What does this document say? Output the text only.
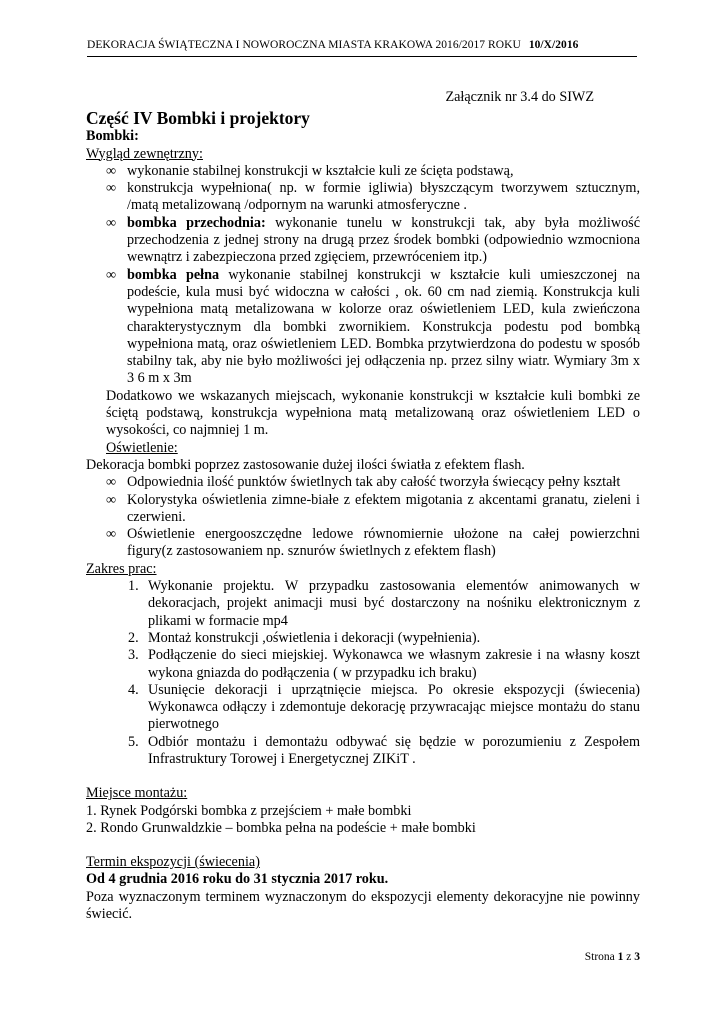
DEKORACJA ŚWIĄTECZNA I NOWOROCZNA MIASTA KRAKOWA 2016/2017 ROKU 10/X/2016
Załącznik nr 3.4 do SIWZ
Część IV Bombki i projektory
Bombki:
Wygląd zewnętrzny:
∞ wykonanie stabilnej konstrukcji w kształcie kuli ze ścięta podstawą,
∞ konstrukcja wypełniona( np. w formie igliwia) błyszczącym tworzywem sztucznym, /matą metalizowaną /odpornym na warunki atmosferyczne .
∞ bombka przechodnia: wykonanie tunelu w konstrukcji tak, aby była możliwość przechodzenia z jednej strony na drugą przez środek bombki (odpowiednio wzmocniona wewnątrz i zabezpieczona przed zgięciem, przewróceniem itp.)
∞ bombka pełna wykonanie stabilnej konstrukcji w kształcie kuli umieszczonej na podeście, kula musi być widoczna w całości , ok. 60 cm nad ziemią. Konstrukcja kuli wypełniona matą metalizowana w kolorze oraz oświetleniem LED, kula zwieńczona charakterystycznym dla bombki zwornikiem. Konstrukcja podestu pod bombką wypełniona matą, oraz oświetleniem LED. Bombka przytwierdzona do podestu w sposób stabilny tak, aby nie było możliwości jej odłączenia np. przez silny wiatr. Wymiary 3m x 3 6 m x 3m
Dodatkowo we wskazanych miejscach, wykonanie konstrukcji w kształcie kuli bombki ze ściętą podstawą, konstrukcja wypełniona matą metalizowaną oraz oświetleniem LED o wysokości, co najmniej 1 m.
Oświetlenie:
Dekoracja bombki poprzez zastosowanie dużej ilości światła z efektem flash.
∞ Odpowiednia ilość punktów świetlnych tak aby całość tworzyła świecący pełny kształt
∞ Kolorystyka oświetlenia zimne-białe z efektem migotania z akcentami granatu, zieleni i czerwieni.
∞ Oświetlenie energooszczędne ledowe równomiernie ułożone na całej powierzchni figury(z zastosowaniem np. sznurów świetlnych z efektem flash)
Zakres prac:
1. Wykonanie projektu. W przypadku zastosowania elementów animowanych w dekoracjach, projekt animacji musi być dostarczony na nośniku elektronicznym z plikami w formacie mp4
2. Montaż konstrukcji ,oświetlenia i dekoracji (wypełnienia).
3. Podłączenie do sieci miejskiej. Wykonawca we własnym zakresie i na własny koszt wykona gniazda do podłączenia ( w przypadku ich braku)
4. Usunięcie dekoracji i uprzątnięcie miejsca. Po okresie ekspozycji (świecenia) Wykonawca odłączy i zdemontuje dekorację przywracając miejsce montażu do stanu pierwotnego
5. Odbiór montażu i demontażu odbywać się będzie w porozumieniu z Zespołem Infrastruktury Torowej i Energetycznej ZIKiT .
Miejsce montażu:
1. Rynek Podgórski bombka z przejściem + małe bombki
2. Rondo Grunwaldzkie – bombka pełna na podeście + małe bombki
Termin ekspozycji (świecenia)
Od 4 grudnia 2016 roku do 31 stycznia 2017 roku.
Poza wyznaczonym terminem wyznaczonym do ekspozycji elementy dekoracyjne nie powinny świecić.
Strona 1 z 3
